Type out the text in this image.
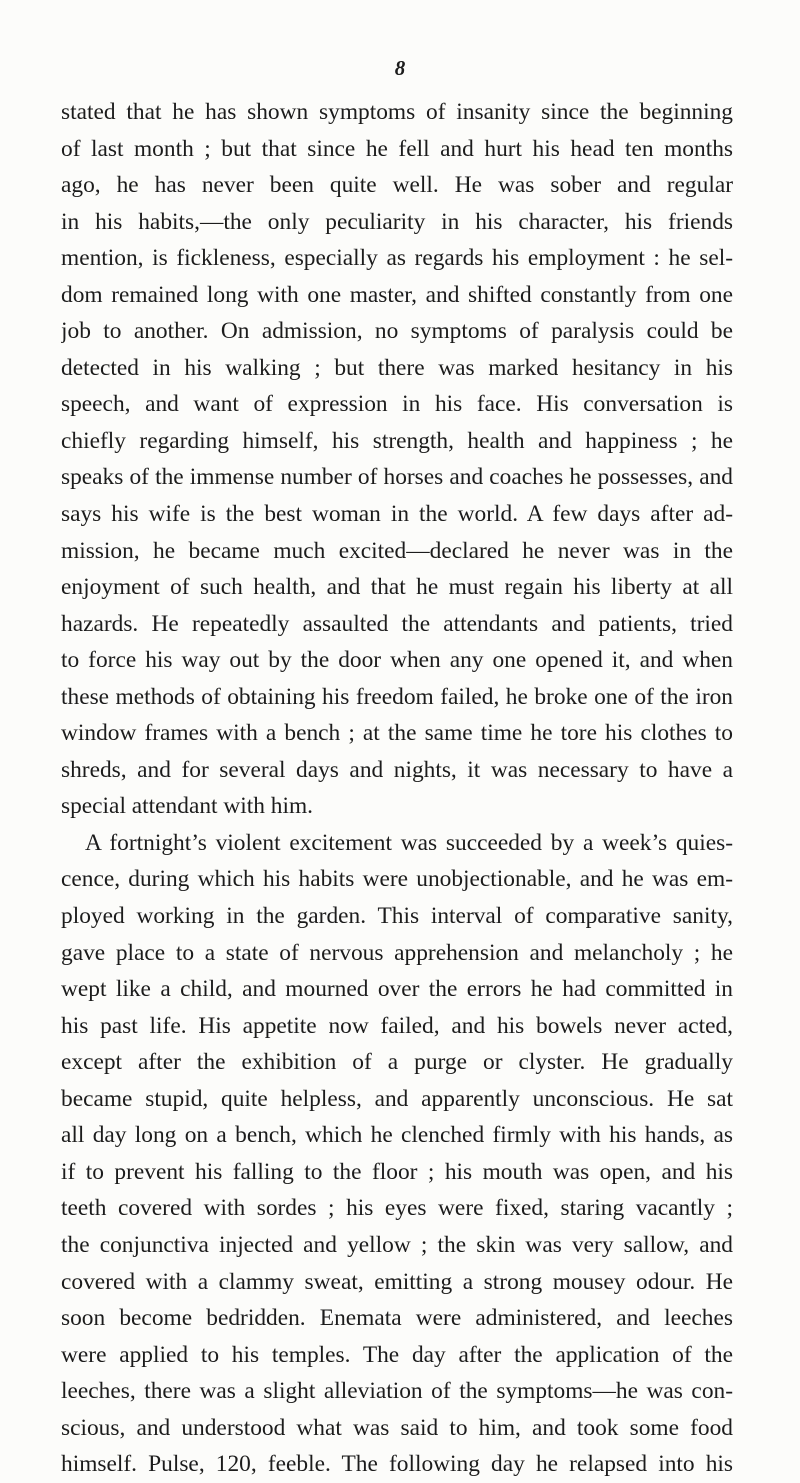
8
stated that he has shown symptoms of insanity since the beginning
of last month ; but that since he fell and hurt his head ten months
ago, he has never been quite well. He was sober and regular
in his habits,—the only peculiarity in his character, his friends
mention, is fickleness, especially as regards his employment : he sel-
dom remained long with one master, and shifted constantly from one
job to another. On admission, no symptoms of paralysis could be
detected in his walking ; but there was marked hesitancy in his
speech, and want of expression in his face. His conversation is
chiefly regarding himself, his strength, health and happiness ; he
speaks of the immense number of horses and coaches he possesses, and
says his wife is the best woman in the world. A few days after ad-
mission, he became much excited—declared he never was in the
enjoyment of such health, and that he must regain his liberty at all
hazards. He repeatedly assaulted the attendants and patients, tried
to force his way out by the door when any one opened it, and when
these methods of obtaining his freedom failed, he broke one of the iron
window frames with a bench ; at the same time he tore his clothes to
shreds, and for several days and nights, it was necessary to have a
special attendant with him.
A fortnight’s violent excitement was succeeded by a week’s quies-
cence, during which his habits were unobjectionable, and he was em-
ployed working in the garden. This interval of comparative sanity,
gave place to a state of nervous apprehension and melancholy ; he
wept like a child, and mourned over the errors he had committed in
his past life. His appetite now failed, and his bowels never acted,
except after the exhibition of a purge or clyster. He gradually
became stupid, quite helpless, and apparently unconscious. He sat
all day long on a bench, which he clenched firmly with his hands, as
if to prevent his falling to the floor ; his mouth was open, and his
teeth covered with sordes ; his eyes were fixed, staring vacantly ;
the conjunctiva injected and yellow ; the skin was very sallow, and
covered with a clammy sweat, emitting a strong mousey odour. He
soon become bedridden. Enemata were administered, and leeches
were applied to his temples. The day after the application of the
leeches, there was a slight alleviation of the symptoms—he was con-
scious, and understood what was said to him, and took some food
himself. Pulse, 120, feeble. The following day he relapsed into his
